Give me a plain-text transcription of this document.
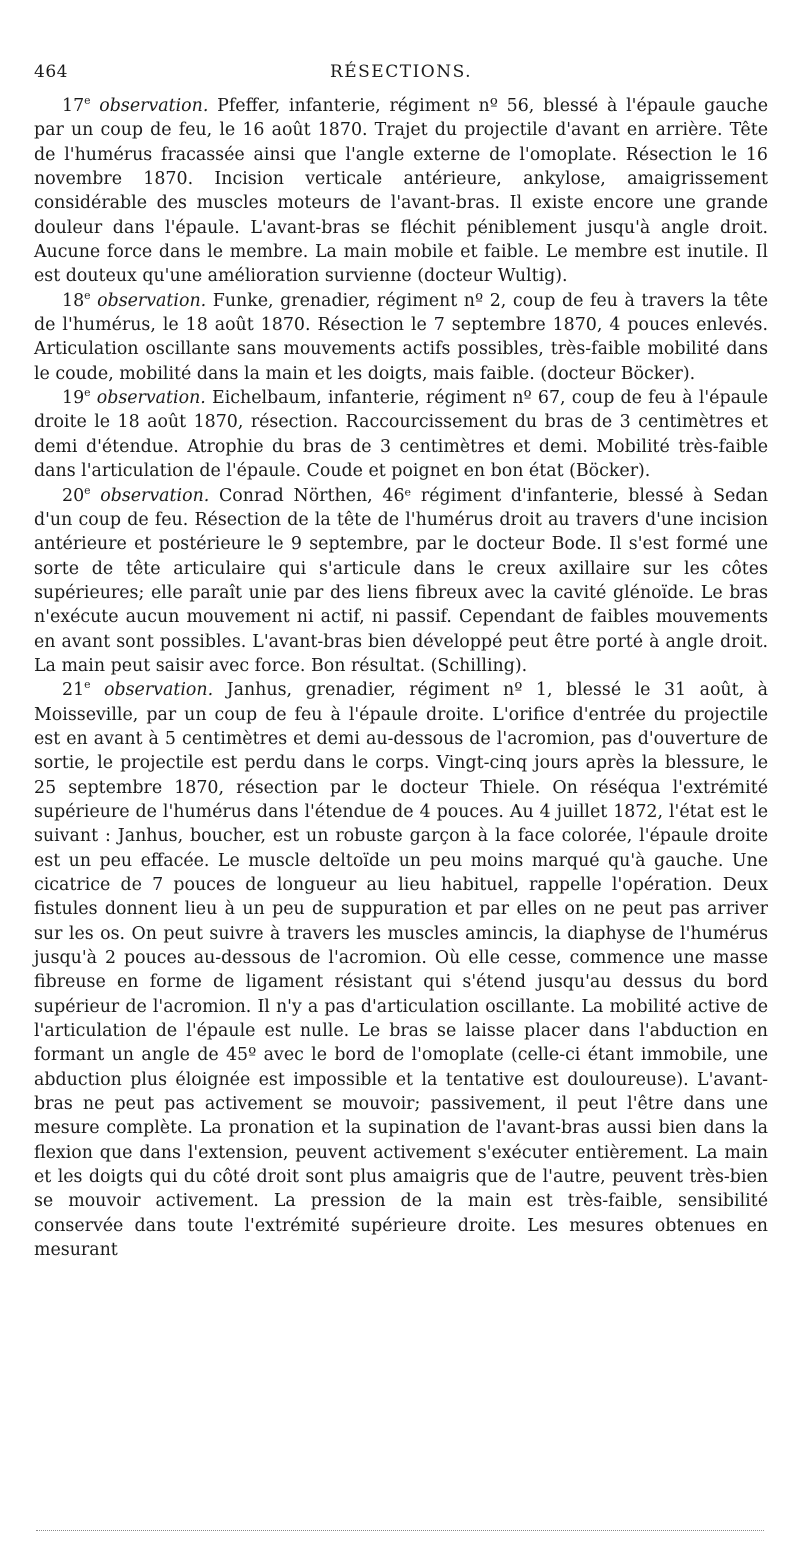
464	RÉSECTIONS.

17e observation. Pfeffer, infanterie, régiment nº 56, blessé à l'épaule gauche par un coup de feu, le 16 août 1870. Trajet du projectile d'avant en arrière. Tête de l'humérus fracassée ainsi que l'angle externe de l'omoplate. Résection le 16 novembre 1870. Incision verticale antérieure, ankylose, amaigrissement considérable des muscles moteurs de l'avant-bras. Il existe encore une grande douleur dans l'épaule. L'avant-bras se fléchit péniblement jusqu'à angle droit. Aucune force dans le membre. La main mobile et faible. Le membre est inutile. Il est douteux qu'une amélioration survienne (docteur Wultig).

18e observation. Funke, grenadier, régiment nº 2, coup de feu à travers la tête de l'humérus, le 18 août 1870. Résection le 7 septembre 1870, 4 pouces enlevés. Articulation oscillante sans mouvements actifs possibles, très-faible mobilité dans le coude, mobilité dans la main et les doigts, mais faible. (docteur Böcker).

19e observation. Eichelbaum, infanterie, régiment nº 67, coup de feu à l'épaule droite le 18 août 1870, résection. Raccourcissement du bras de 3 centimètres et demi d'étendue. Atrophie du bras de 3 centimètres et demi. Mobilité très-faible dans l'articulation de l'épaule. Coude et poignet en bon état (Böcker).

20e observation. Conrad Nörthen, 46ᵉ régiment d'infanterie, blessé à Sedan d'un coup de feu. Résection de la tête de l'humérus droit au travers d'une incision antérieure et postérieure le 9 septembre, par le docteur Bode. Il s'est formé une sorte de tête articulaire qui s'articule dans le creux axillaire sur les côtes supérieures; elle paraît unie par des liens fibreux avec la cavité glénoïde. Le bras n'exécute aucun mouvement ni actif, ni passif. Cependant de faibles mouvements en avant sont possibles. L'avant-bras bien développé peut être porté à angle droit. La main peut saisir avec force. Bon résultat. (Schilling).

21e observation. Janhus, grenadier, régiment nº 1, blessé le 31 août, à Moisseville, par un coup de feu à l'épaule droite. L'orifice d'entrée du projectile est en avant à 5 centimètres et demi au-dessous de l'acromion, pas d'ouverture de sortie, le projectile est perdu dans le corps. Vingt-cinq jours après la blessure, le 25 septembre 1870, résection par le docteur Thiele. On réséqua l'extrémité supérieure de l'humérus dans l'étendue de 4 pouces. Au 4 juillet 1872, l'état est le suivant : Janhus, boucher, est un robuste garçon à la face colorée, l'épaule droite est un peu effacée. Le muscle deltoïde un peu moins marqué qu'à gauche. Une cicatrice de 7 pouces de longueur au lieu habituel, rappelle l'opération. Deux fistules donnent lieu à un peu de suppuration et par elles on ne peut pas arriver sur les os. On peut suivre à travers les muscles amincis, la diaphyse de l'humérus jusqu'à 2 pouces au-dessous de l'acromion. Où elle cesse, commence une masse fibreuse en forme de ligament résistant qui s'étend jusqu'au dessus du bord supérieur de l'acromion. Il n'y a pas d'articulation oscillante. La mobilité active de l'articulation de l'épaule est nulle. Le bras se laisse placer dans l'abduction en formant un angle de 45º avec le bord de l'omoplate (celle-ci étant immobile, une abduction plus éloignée est impossible et la tentative est douloureuse). L'avant-bras ne peut pas activement se mouvoir; passivement, il peut l'être dans une mesure complète. La pronation et la supination de l'avant-bras aussi bien dans la flexion que dans l'extension, peuvent activement s'exécuter entièrement. La main et les doigts qui du côté droit sont plus amaigris que de l'autre, peuvent très-bien se mouvoir activement. La pression de la main est très-faible, sensibilité conservée dans toute l'extrémité supérieure droite. Les mesures obtenues en mesurant
